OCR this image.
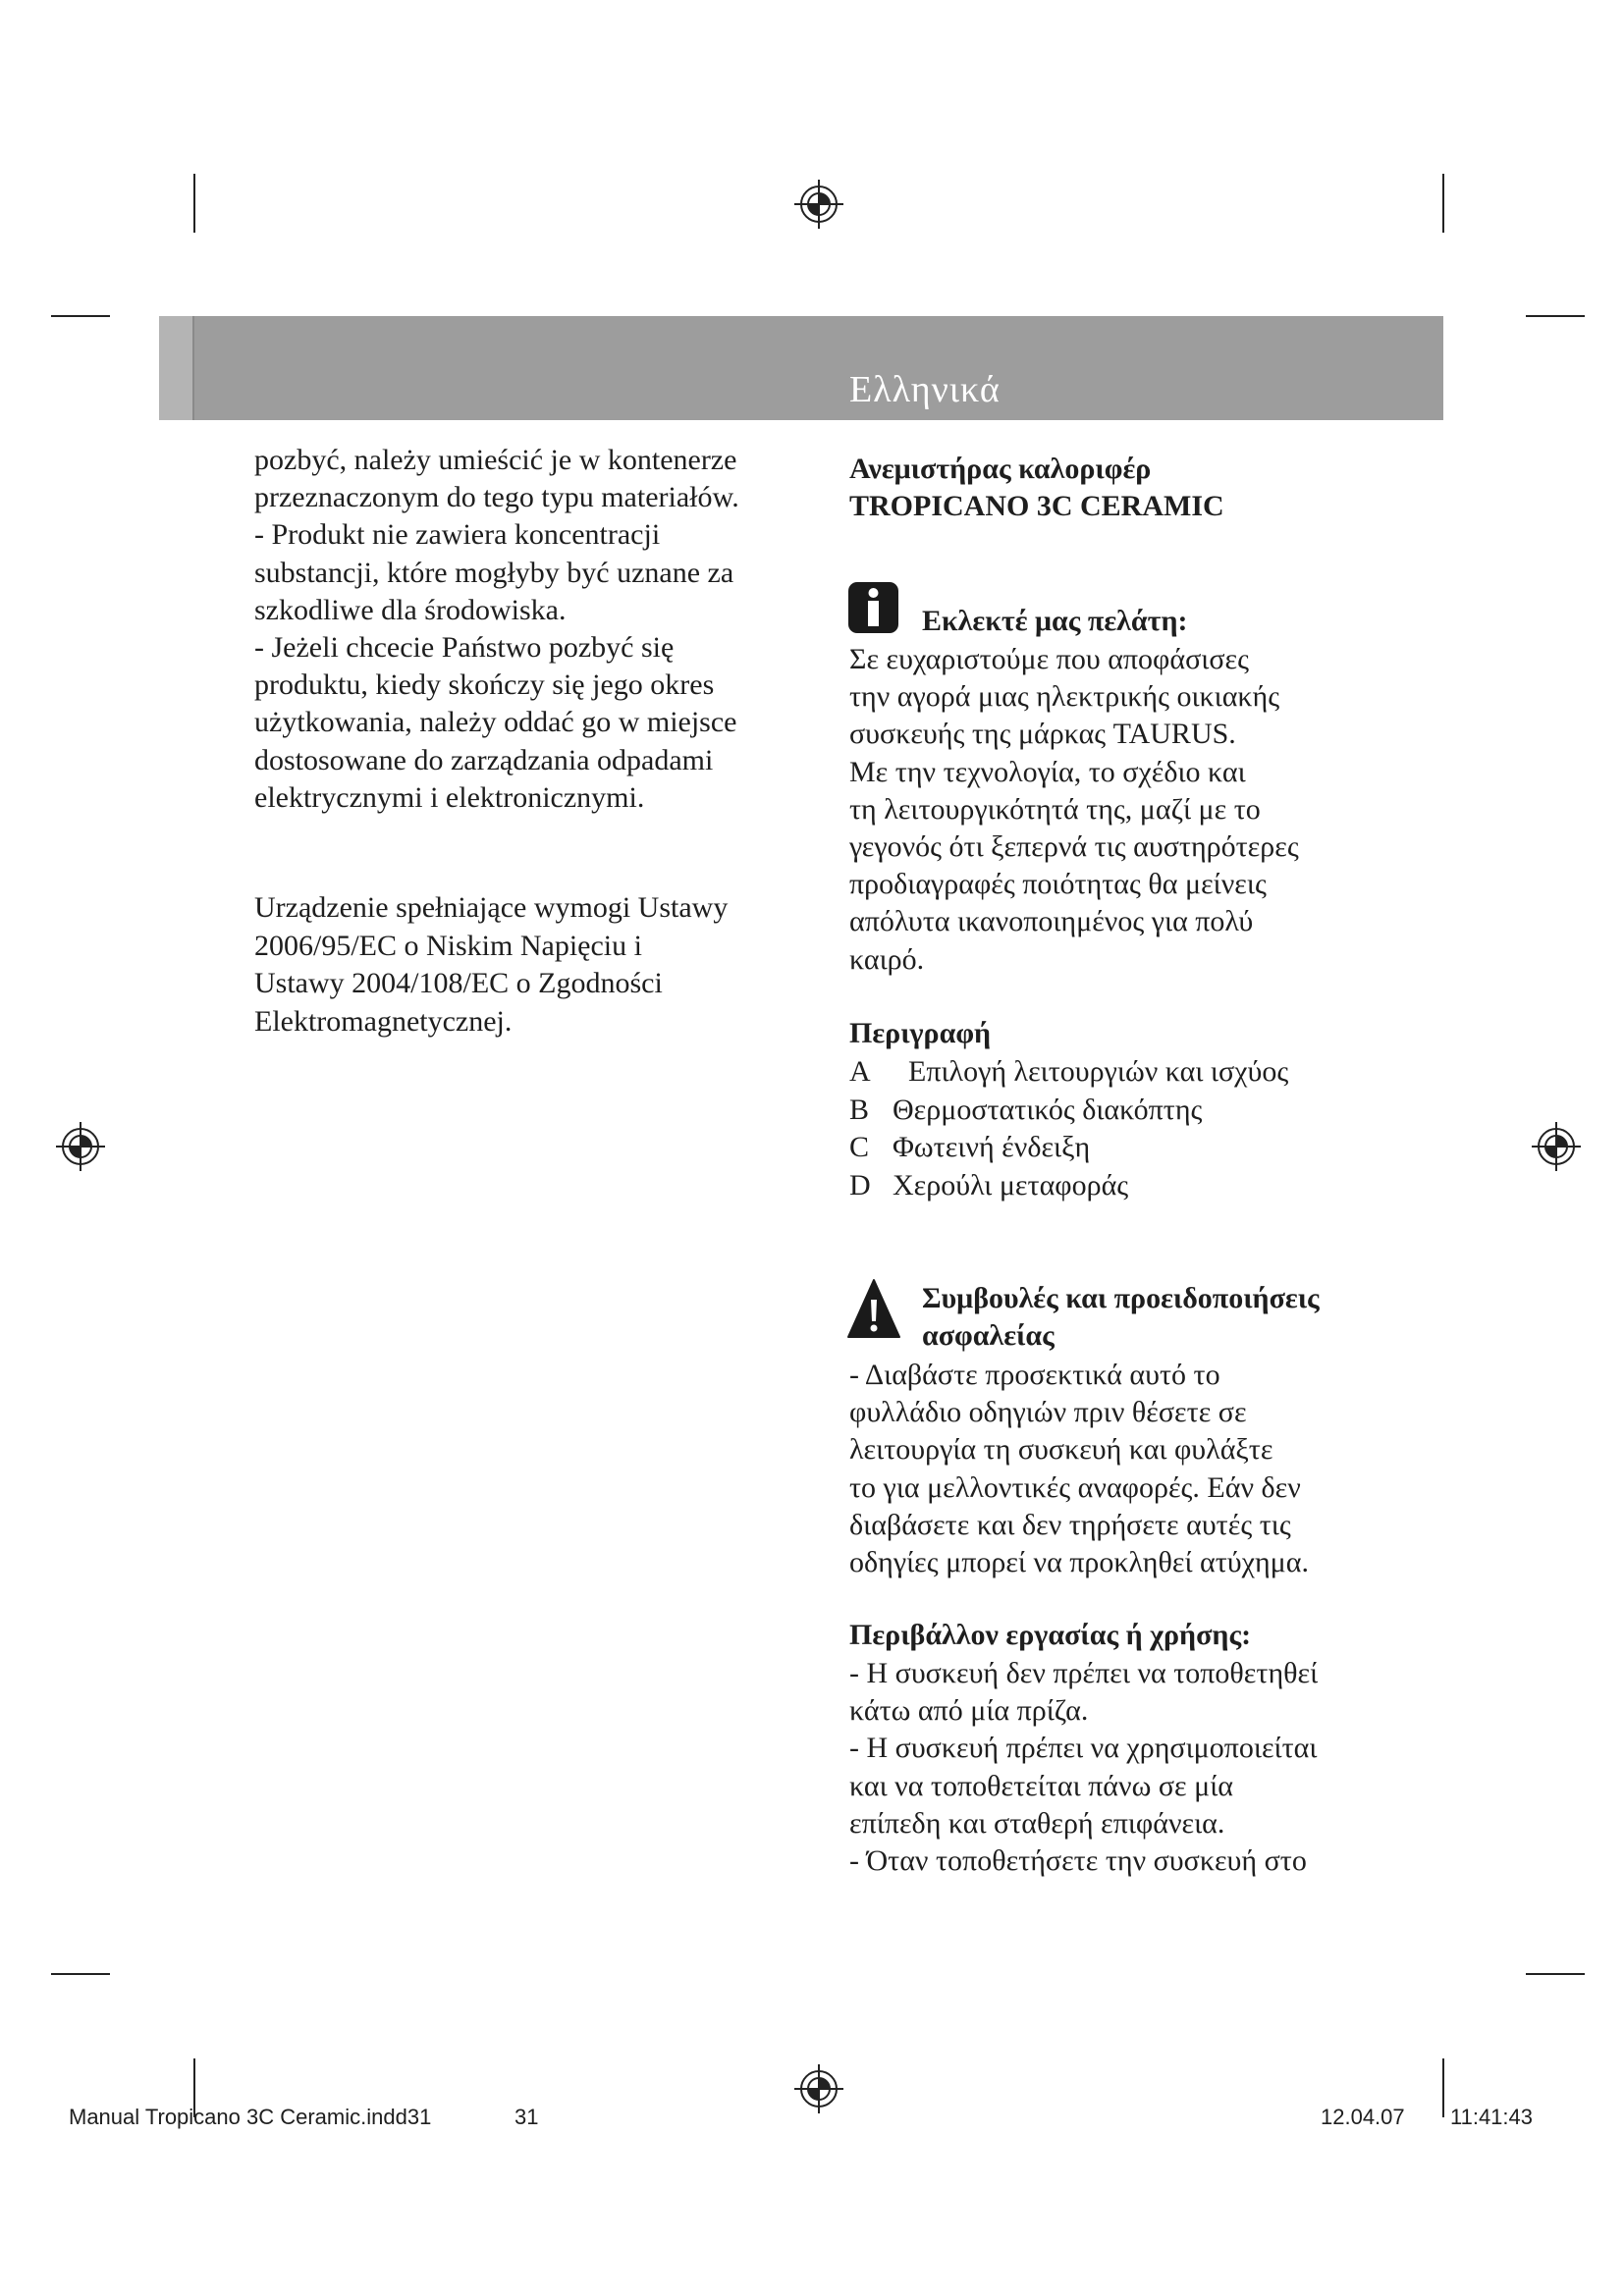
Ελληνικά
pozbyć, należy umieścić je w kontenerze
przeznaczonym do tego typu materiałów.
- Produkt nie zawiera koncentracji
substancji, które mogłyby być uznane za
szkodliwe dla środowiska.
- Jeżeli chcecie Państwo pozbyć się
produktu, kiedy skończy się jego okres
użytkowania, należy oddać go w miejsce
dostosowane do zarządzania odpadami
elektrycznymi i elektronicznymi.
Urządzenie spełniające wymogi Ustawy
2006/95/EC o Niskim Napięciu i
Ustawy 2004/108/EC o Zgodności
Elektromagnetycznej.
Ανεμιστήρας καλοριφέρ
TROPICANO 3C CERAMIC
Εκλεκτέ μας πελάτη:
Σε ευχαριστούμε που αποφάσισες
την αγορά μιας ηλεκτρικής οικιακής
συσκευής της μάρκας TAURUS.
Με την τεχνολογία, το σχέδιο και
τη λειτουργικότητά της, μαζί με το
γεγονός ότι ξεπερνά τις αυστηρότερες
προδιαγραφές ποιότητας θα μείνεις
απόλυτα ικανοποιημένος για πολύ
καιρό.
Περιγραφή
A Επιλογή λειτουργιών και ισχύος
B Θερμοστατικός διακόπτης
C Φωτεινή ένδειξη
D Χερούλι μεταφοράς
Συμβουλές και προειδοποιήσεις
ασφαλείας
- Διαβάστε προσεκτικά αυτό το
φυλλάδιο οδηγιών πριν θέσετε σε
λειτουργία τη συσκευή και φυλάξτε
το για μελλοντικές αναφορές. Εάν δεν
διαβάσετε και δεν τηρήσετε αυτές τις
οδηγίες μπορεί να προκληθεί ατύχημα.
Περιβάλλον εργασίας ή χρήσης:
- Η συσκευή δεν πρέπει να τοποθετηθεί
κάτω από μία πρίζα.
- Η συσκευή πρέπει να χρησιμοποιείται
και να τοποθετείται πάνω σε μία
επίπεδη και σταθερή επιφάνεια.
- Όταν τοποθετήσετε την συσκευή στο
Manual Tropicano 3C Ceramic.indd31	31	12.04.07 11:41:43
